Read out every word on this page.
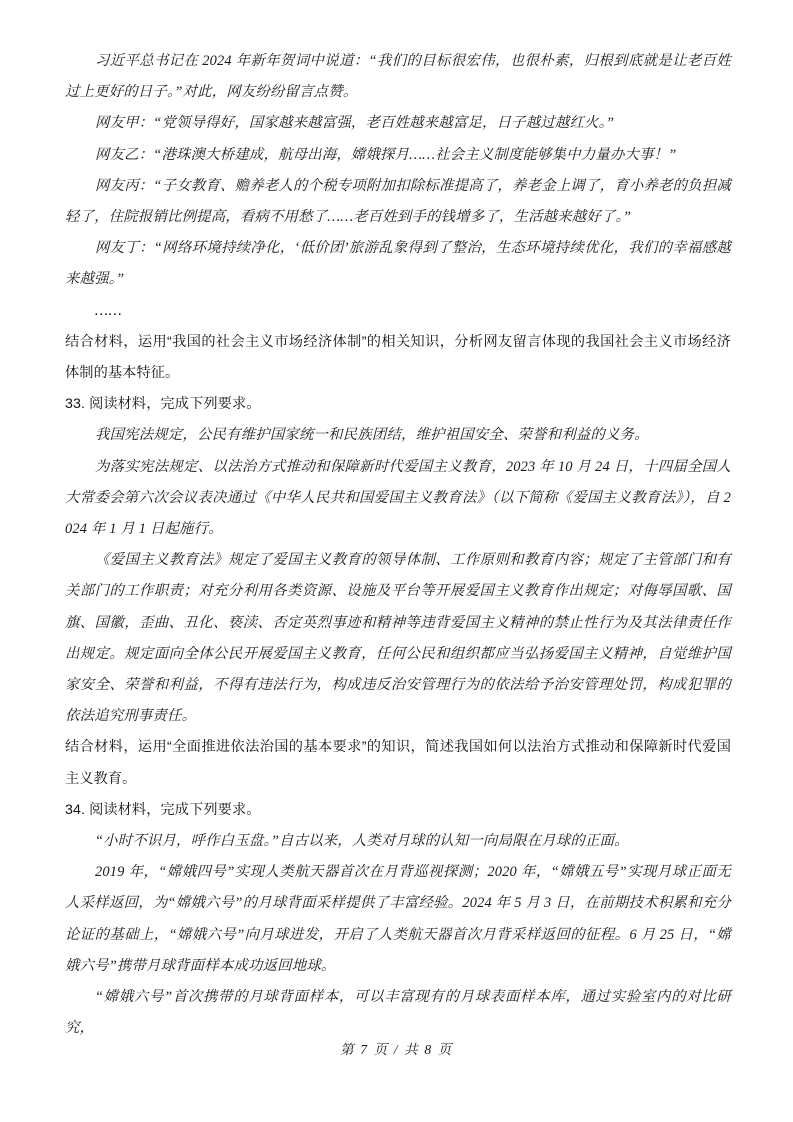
习近平总书记在 2024 年新年贺词中说道：“我们的目标很宏伟，也很朴素，归根到底就是让老百姓过上更好的日子。”对此，网友纷纷留言点赞。

网友甲：“党领导得好，国家越来越富强，老百姓越来越富足，日子越过越红火。”

网友乙：“港珠澳大桥建成，航母出海，嫦娥探月……社会主义制度能够集中力量办大事！”

网友丙：“子女教育、赡养老人的个税专项附加扣除标准提高了，养老金上调了，育小养老的负担减轻了，住院报销比例提高，看病不用愁了……老百姓到手的钱增多了，生活越来越好了。”

网友丁：“网络环境持续净化，‘低价团’旅游乱象得到了整治，生态环境持续优化，我们的幸福感越来越强。”

……

结合材料，运用“我国的社会主义市场经济体制”的相关知识，分析网友留言体现的我国社会主义市场经济体制的基本特征。

33. 阅读材料，完成下列要求。

我国宪法规定，公民有维护国家统一和民族团结，维护祖国安全、荣誉和利益的义务。

为落实宪法规定、以法治方式推动和保障新时代爱国主义教育，2023 年 10 月 24 日，十四届全国人大常委会第六次会议表决通过《中华人民共和国爱国主义教育法》（以下简称《爱国主义教育法》），自 2024 年 1 月 1 日起施行。

《爱国主义教育法》规定了爱国主义教育的领导体制、工作原则和教育内容；规定了主管部门和有关部门的工作职责；对充分利用各类资源、设施及平台等开展爱国主义教育作出规定；对侮辱国歌、国旗、国徽，歪曲、丑化、亵渎、否定英烈事迹和精神等违背爱国主义精神的禁止性行为及其法律责任作出规定。规定面向全体公民开展爱国主义教育，任何公民和组织都应当弘扬爱国主义精神，自觉维护国家安全、荣誉和利益，不得有违法行为，构成违反治安管理行为的依法给予治安管理处罚，构成犯罪的依法追究刑事责任。

结合材料，运用“全面推进依法治国的基本要求”的知识，简述我国如何以法治方式推动和保障新时代爱国主义教育。

34. 阅读材料，完成下列要求。

“小时不识月，呼作白玉盘。”自古以来，人类对月球的认知一向局限在月球的正面。

2019 年，“嫦娥四号”实现人类航天器首次在月背巡视探测；2020 年，“嫦娥五号”实现月球正面无人采样返回，为“嫦娥六号”的月球背面采样提供了丰富经验。2024 年 5 月 3 日，在前期技术积累和充分论证的基础上，“嫦娥六号”向月球进发，开启了人类航天器首次月背采样返回的征程。6 月 25 日，“嫦娥六号”携带月球背面样本成功返回地球。

“嫦娥六号”首次携带的月球背面样本，可以丰富现有的月球表面样本库，通过实验室内的对比研究，

第 7 页 / 共 8 页
